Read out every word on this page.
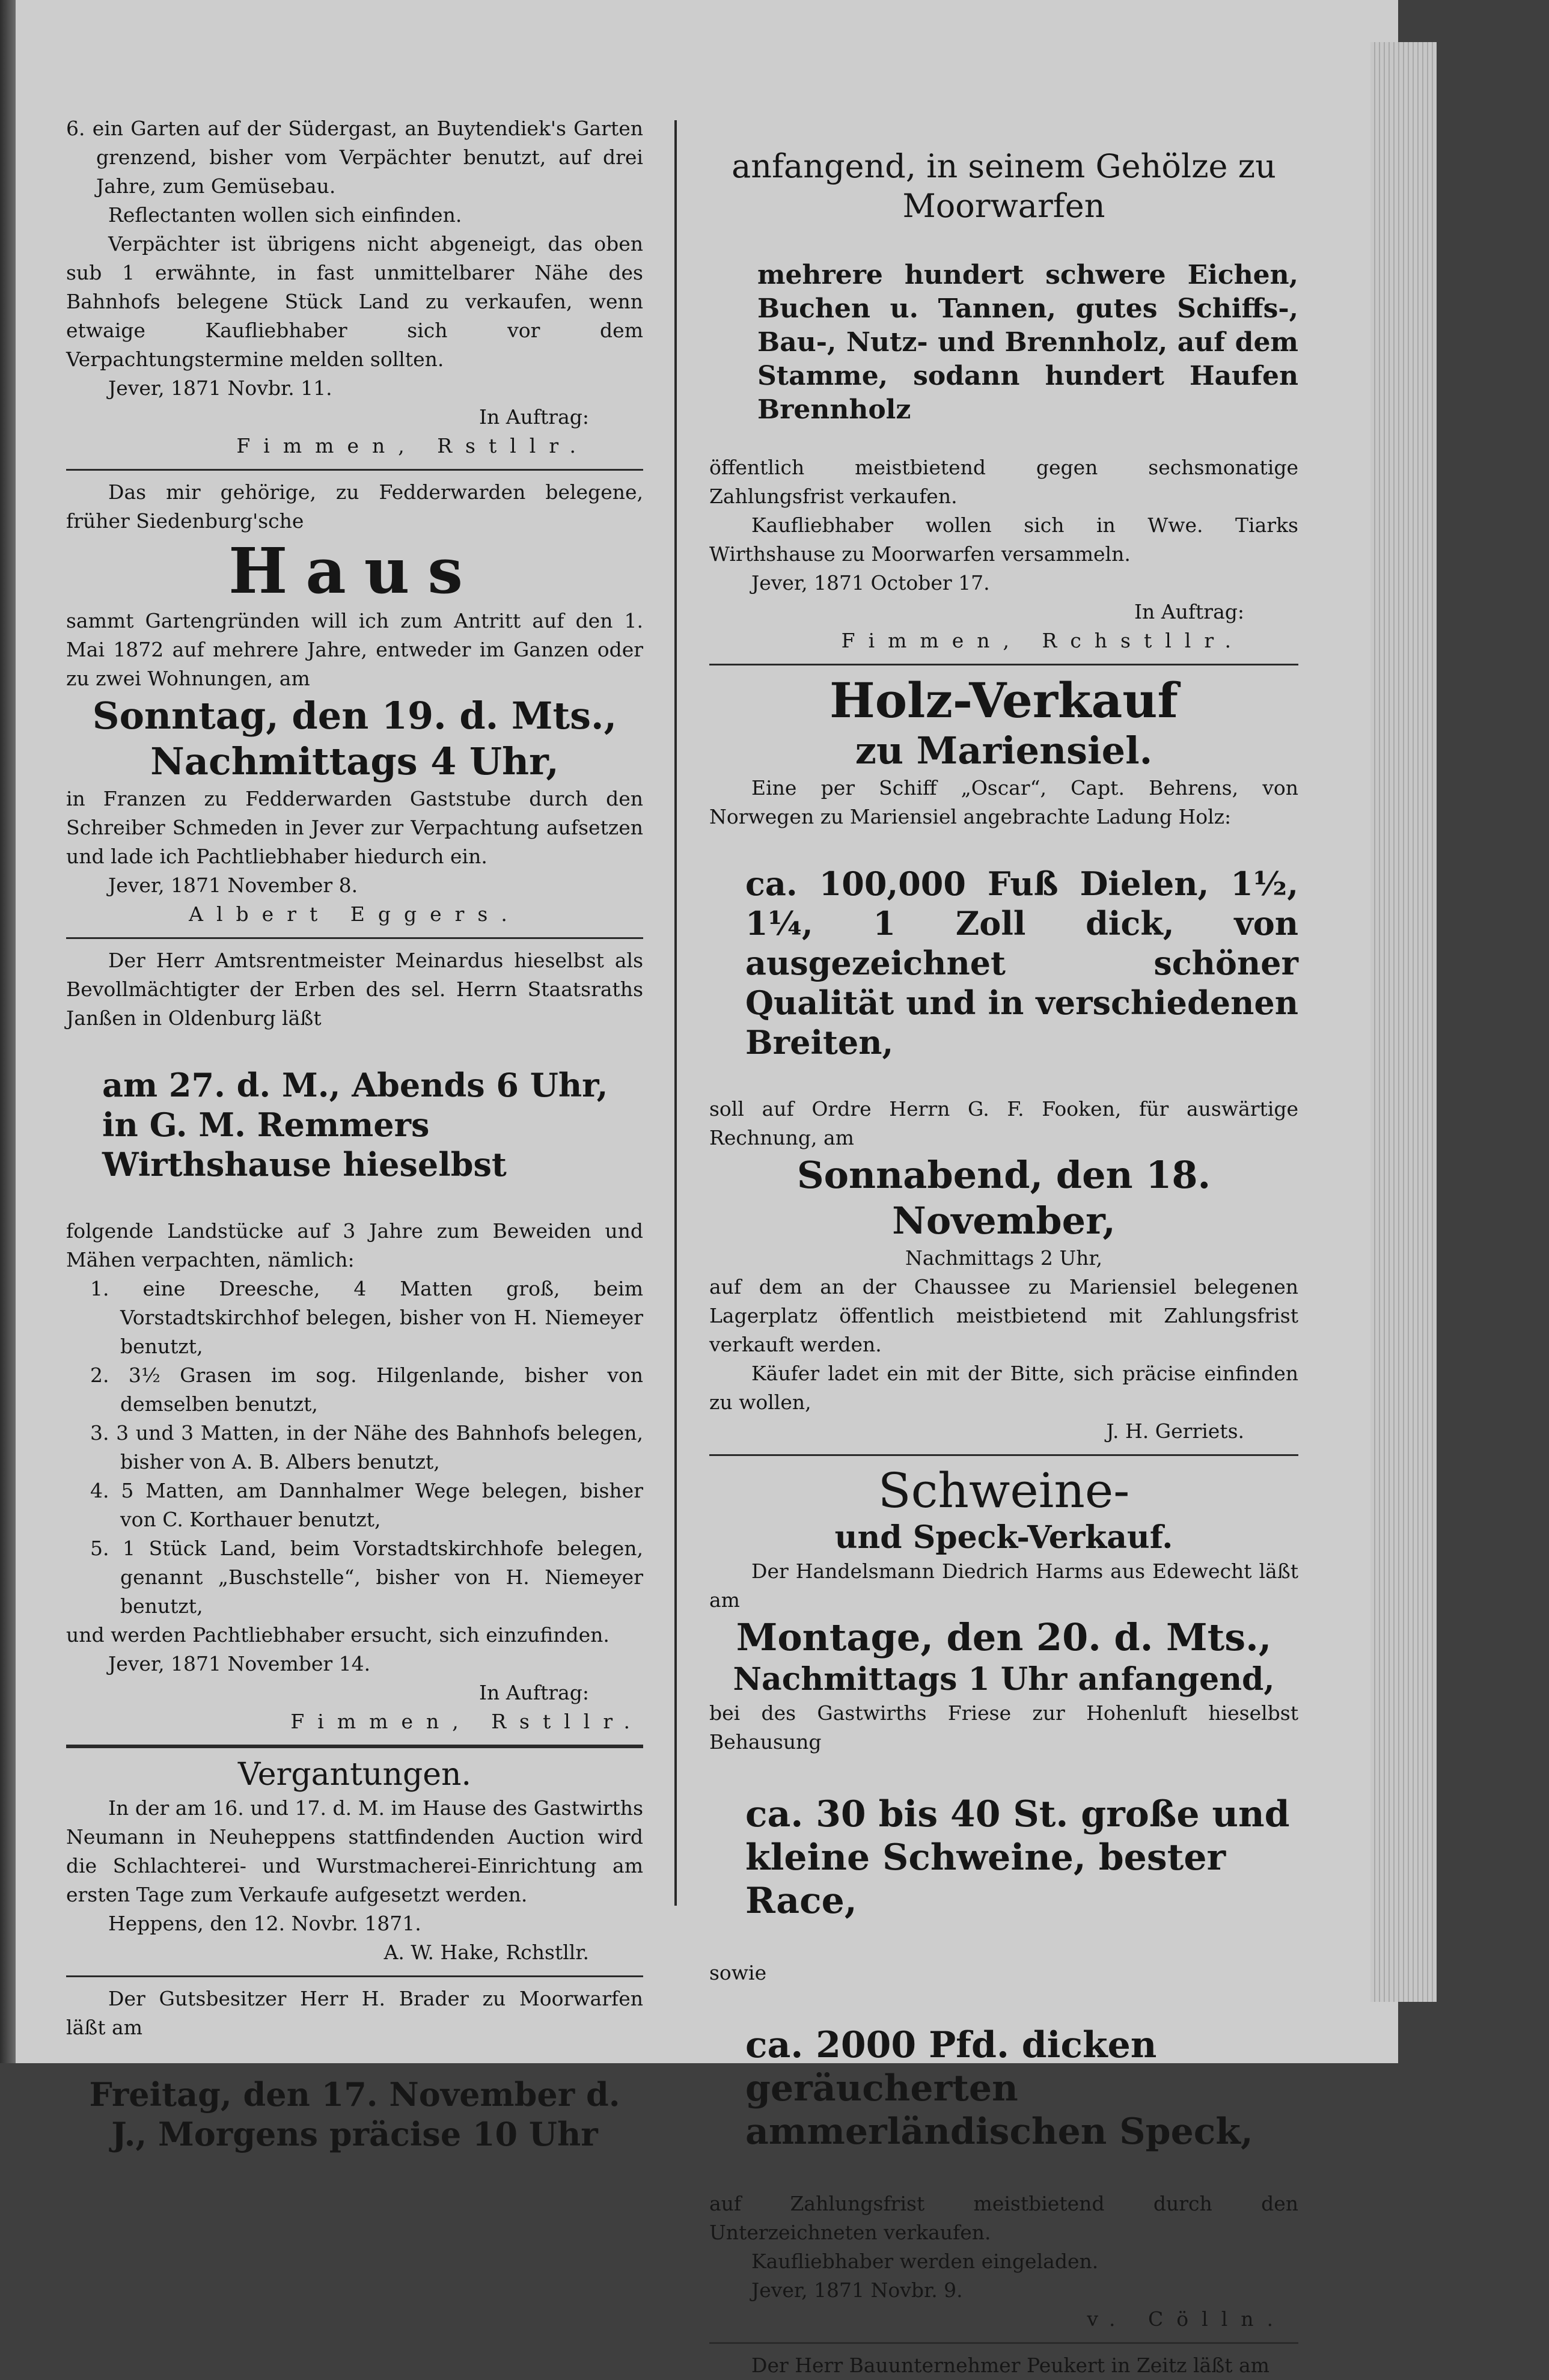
6. ein Garten auf der Südergast, an Buytendiek's Garten grenzend, bisher vom Verpächter benutzt, auf drei Jahre, zum Gemüsebau.

Reflectanten wollen sich einfinden.

Verpächter ist übrigens nicht abgeneigt, das oben sub 1 erwähnte, in fast unmittelbarer Nähe des Bahnhofs belegene Stück Land zu verkaufen, wenn etwaige Kaufliebhaber sich vor dem Verpachtungstermine melden sollten.

Jever, 1871 Novbr. 11.

In Auftrag:

Fimmen, Rstllr.

Das mir gehörige, zu Fedderwarden belegene, früher Siedenburg'sche

Haus

sammt Gartengründen will ich zum Antritt auf den 1. Mai 1872 auf mehrere Jahre, entweder im Ganzen oder zu zwei Wohnungen, am

Sonntag, den 19. d. Mts.,

Nachmittags 4 Uhr,

in Franzen zu Fedderwarden Gaststube durch den Schreiber Schmeden in Jever zur Verpachtung aufsetzen und lade ich Pachtliebhaber hiedurch ein.

Jever, 1871 November 8.

Albert Eggers.

Der Herr Amtsrentmeister Meinardus hieselbst als Bevollmächtigter der Erben des sel. Herrn Staatsraths Janßen in Oldenburg läßt

am 27. d. M., Abends 6 Uhr, in G. M. Remmers Wirthshause hieselbst

folgende Landstücke auf 3 Jahre zum Beweiden und Mähen verpachten, nämlich:

1. eine Dreesche, 4 Matten groß, beim Vorstadtskirchhof belegen, bisher von H. Niemeyer benutzt,

2. 3½ Grasen im sog. Hilgenlande, bisher von demselben benutzt,

3. 3 und 3 Matten, in der Nähe des Bahnhofs belegen, bisher von A. B. Albers benutzt,

4. 5 Matten, am Dannhalmer Wege belegen, bisher von C. Korthauer benutzt,

5. 1 Stück Land, beim Vorstadtskirchhofe belegen, genannt „Buschstelle“, bisher von H. Niemeyer benutzt,

und werden Pachtliebhaber ersucht, sich einzufinden.

Jever, 1871 November 14.

In Auftrag:

Fimmen, Rstllr.

Vergantungen.

In der am 16. und 17. d. M. im Hause des Gastwirths Neumann in Neuheppens stattfindenden Auction wird die Schlachterei- und Wurstmacherei-Einrichtung am ersten Tage zum Verkaufe aufgesetzt werden.

Heppens, den 12. Novbr. 1871.

A. W. Hake, Rchstllr.

Der Gutsbesitzer Herr H. Brader zu Moorwarfen läßt am

Freitag, den 17. November d. J., Morgens präcise 10 Uhr

anfangend, in seinem Gehölze zu Moorwarfen

mehrere hundert schwere Eichen, Buchen u. Tannen, gutes Schiffs-, Bau-, Nutz- und Brennholz, auf dem Stamme, sodann hundert Haufen Brennholz

öffentlich meistbietend gegen sechsmonatige Zahlungsfrist verkaufen.

Kaufliebhaber wollen sich in Wwe. Tiarks Wirthshause zu Moorwarfen versammeln.

Jever, 1871 October 17.

In Auftrag:

Fimmen, Rchstllr.

Holz-Verkauf

zu Mariensiel.

Eine per Schiff „Oscar“, Capt. Behrens, von Norwegen zu Mariensiel angebrachte Ladung Holz:

ca. 100,000 Fuß Dielen, 1½, 1¼, 1 Zoll dick, von ausgezeichnet schöner Qualität und in verschiedenen Breiten,

soll auf Ordre Herrn G. F. Fooken, für auswärtige Rechnung, am

Sonnabend, den 18. November,

Nachmittags 2 Uhr,

auf dem an der Chaussee zu Mariensiel belegenen Lagerplatz öffentlich meistbietend mit Zahlungsfrist verkauft werden.

Käufer ladet ein mit der Bitte, sich präcise einfinden zu wollen,

J. H. Gerriets.

Schweine-

und Speck-Verkauf.

Der Handelsmann Diedrich Harms aus Edewecht läßt am

Montage, den 20. d. Mts.,

Nachmittags 1 Uhr anfangend,

bei des Gastwirths Friese zur Hohenluft hieselbst Behausung

ca. 30 bis 40 St. große und kleine Schweine, bester Race,

sowie

ca. 2000 Pfd. dicken geräucherten ammerländischen Speck,

auf Zahlungsfrist meistbietend durch den Unterzeichneten verkaufen.

Kaufliebhaber werden eingeladen.

Jever, 1871 Novbr. 9.

v. Cölln.

Der Herr Bauunternehmer Peukert in Zeitz läßt am
